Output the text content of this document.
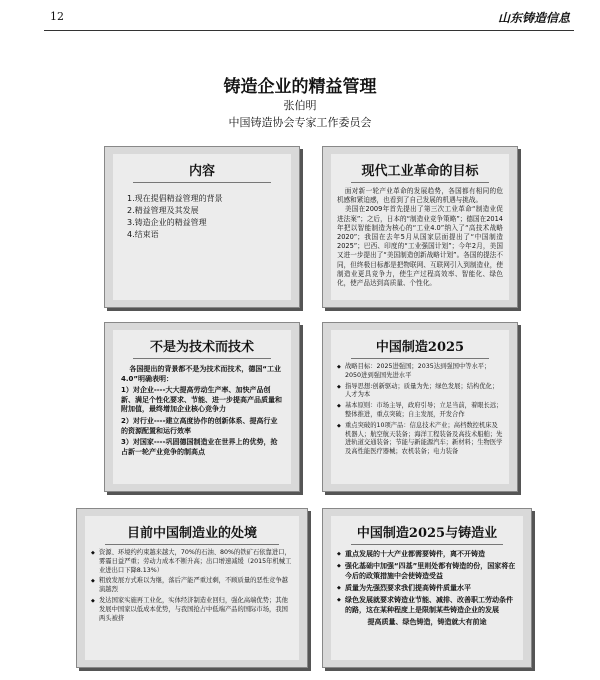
12	山东铸造信息
铸造企业的精益管理
张伯明
中国铸造协会专家工作委员会
内容
1.现在提倡精益管理的背景
2.精益管理及其发展
3.铸造企业的精益管理
4.结束语
现代工业革命的目标

面对新一轮产业革命的发展趋势，各国都有相同的危机感和紧迫感，也看到了自己发展的机遇与挑战。

美国在2009年首先提出了第三次工业革命“制造业促进法案”；之后，日本的“制造业竞争策略”；德国在2014年把以智能制造为核心的“工业4.0”纳入了“高技术战略2020”；我国在去年5月从国家层面提出了“中国制造2025”；巴西、印度的“工业强国计划”；今年2月，美国又进一步提出了“美国制造创新战略计划”。各国的提法不同，但终极目标都是把物联网、互联网引入到制造业，使制造业更具竞争力，使生产过程高效率、智能化、绿色化，使产品达到高质量、个性化。

不是为技术而技术

各国提出的背景都不是为技术而技术，德国“工业4.0”明确表明：

1）对企业----大大提高劳动生产率、加快产品创新、满足个性化要求、节能、进一步提高产品质量和附加值，最终增加企业核心竞争力

2）对行业----建立高度协作的创新体系、提高行业的资源配置和运行效率

3）对国家----巩固德国制造业在世界上的优势，抢占新一轮产业竞争的制高点

中国制造2025
◆ 战略目标：2025进强国；2035达到强国中等水平；2050进到强国先进水平
◆ 指导思想:创新驱动；质量为先；绿色发展；结构优化；人才为本
◆ 基本原则：市场主导，政府引导；立足当前，着眼长远；整体推进，重点突破；自主发展，开发合作
◆ 重点突破的10项产品：信息技术产业；高档数控机床及机器人；航空航天装备；海洋工程装备及高技术船舶；先进轨道交通装备；节能与新能源汽车；新材料；生物医学及高性能医疗器械；农机装备；电力装备
目前中国制造业的处境
◆ 资源、环境约约束越来越大，70%的石油、80%的铁矿石依靠进口，雾霾日益严重；劳动力成本不断升高；出口增速减缓（2015年机械工业进出口下降8.13%）
◆ 粗放发展方式难以为继，落后产能严重过剩，不顾质量的恶性竞争越演越烈
◆ 发达国家实施再工业化，实体经济制造业回归，强化高端优势；其他发展中国家以低成本优势，与我国抢占中低端产品的国际市场，我国两头被挤
中国制造2025与铸造业
◆ 重点发展的十大产业都需要铸件，离不开铸造
◆ 强化基础中加强“四基”里则处都有铸造的份，国家将在今后的政策措施中会使铸造受益
◆ 质量为先强烈要求我们提高铸件质量水平
◆ 绿色发展就要求铸造业节能、减排、改善职工劳动条件的路，这在某种程度上是限制某些铸造企业的发展
提高质量、绿色铸造，铸造就大有前途
